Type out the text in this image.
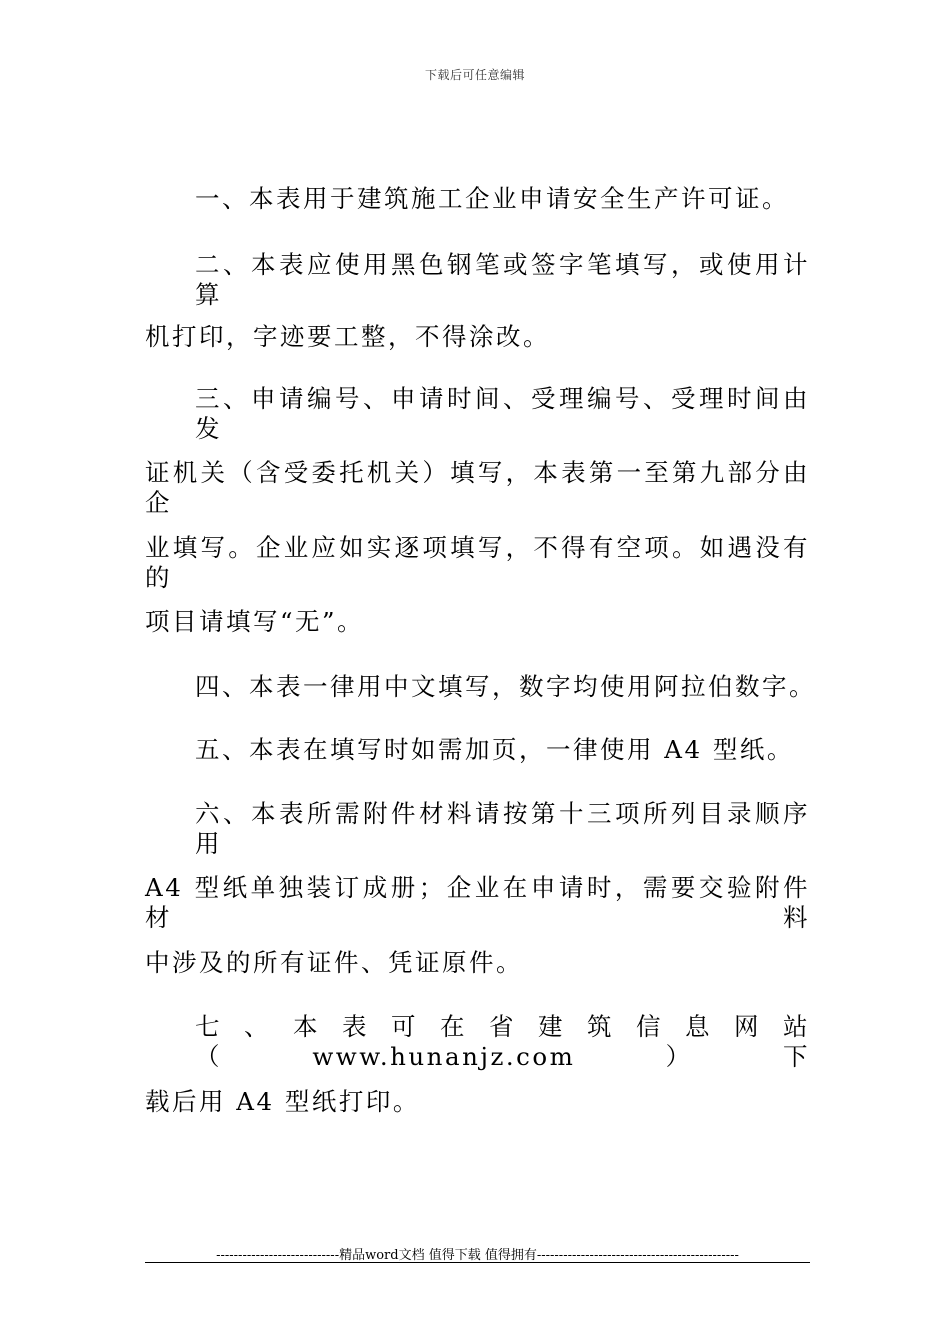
下载后可任意编辑
一、本表用于建筑施工企业申请安全生产许可证。
二、本表应使用黑色钢笔或签字笔填写，或使用计算
机打印，字迹要工整，不得涂改。
三、申请编号、申请时间、受理编号、受理时间由发
证机关（含受委托机关）填写，本表第一至第九部分由企
业填写。企业应如实逐项填写，不得有空项。如遇没有的
项目请填写“无”。
四、本表一律用中文填写，数字均使用阿拉伯数字。
五、本表在填写时如需加页，一律使用 A4 型纸。
六、本表所需附件材料请按第十三项所列目录顺序用
A4 型纸单独装订成册；企业在申请时，需要交验附件材料
中涉及的所有证件、凭证原件。
七、本表可在省建筑信息网站（www.hunanjz.com）下
载后用 A4 型纸打印。
----------------------------精品word文档 值得下载 值得拥有----------------------------------------------
